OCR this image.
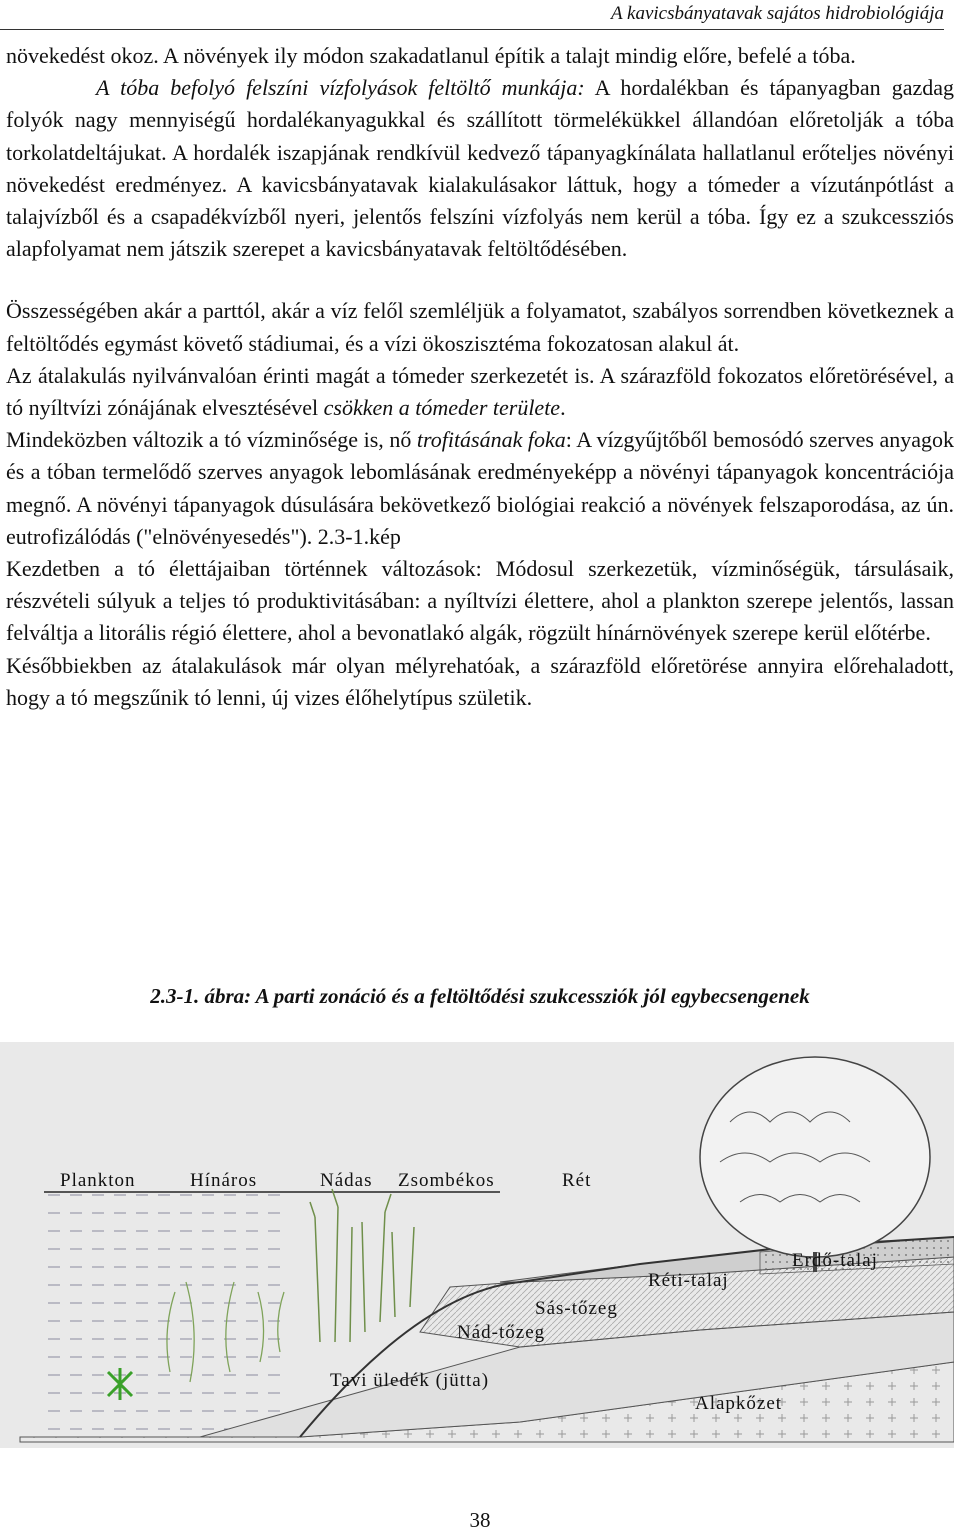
A kavicsbányatavak sajátos hidrobiológiája

növekedést okoz. A növények ily módon szakadatlanul építik a talajt mindig előre, befelé a tóba.

A tóba befolyó felszíni vízfolyások feltöltő munkája: A hordalékban és tápanyagban gazdag folyók nagy mennyiségű hordalékanyagukkal és szállított törmelékükkel állandóan előretolják a tóba torkolatdeltájukat. A hordalék iszapjának rendkívül kedvező tápanyagkínálata hallatlanul erőteljes növényi növekedést eredményez. A kavicsbányatavak kialakulásakor láttuk, hogy a tómeder a vízutánpótlást a talajvízből és a csapadékvízből nyeri, jelentős felszíni vízfolyás nem kerül a tóba. Így ez a szukcessziós alapfolyamat nem játszik szerepet a kavicsbányatavak feltöltődésében.

Összességében akár a parttól, akár a víz felől szemléljük a folyamatot, szabályos sorrendben következnek a feltöltődés egymást követő stádiumai, és a vízi ökoszisztéma fokozatosan alakul át.

Az átalakulás nyilvánvalóan érinti magát a tómeder szerkezetét is. A szárazföld fokozatos előretörésével, a tó nyíltvízi zónájának elvesztésével csökken a tómeder területe.

Mindeközben változik a tó vízminősége is, nő trofitásának foka: A vízgyűjtőből bemosódó szerves anyagok és a tóban termelődő szerves anyagok lebomlásának eredményeképp a növényi tápanyagok koncentrációja megnő. A növényi tápanyagok dúsulására bekövetkező biológiai reakció a növények felszaporodása, az ún. eutrofizálódás ("elnövényesedés"). 2.3-1.kép

Kezdetben a tó élettájaiban történnek változások: Módosul szerkezetük, vízminőségük, társulásaik, részvételi súlyuk a teljes tó produktivitásában: a nyíltvízi élettere, ahol a plankton szerepe jelentős, lassan felváltja a litorális régió élettere, ahol a bevonatlakó algák, rögzült hínárnövények szerepe kerül előtérbe.

Későbbiekben az átalakulások már olyan mélyrehatóak, a szárazföld előretörése annyira előrehaladott, hogy a tó megszűnik tó lenni, új vizes élőhelytípus születik.

2.3-1. ábra: A parti zonáció és a feltöltődési szukcessziók jól egybecsengenek
Plankton	Hínáros	Nádas Zsombékos	Rét
Erdő-talaj
Réti-talaj
Sás-tőzeg
Nád-tőzeg
Tavi üledék (jütta)
Alapkőzet
38
